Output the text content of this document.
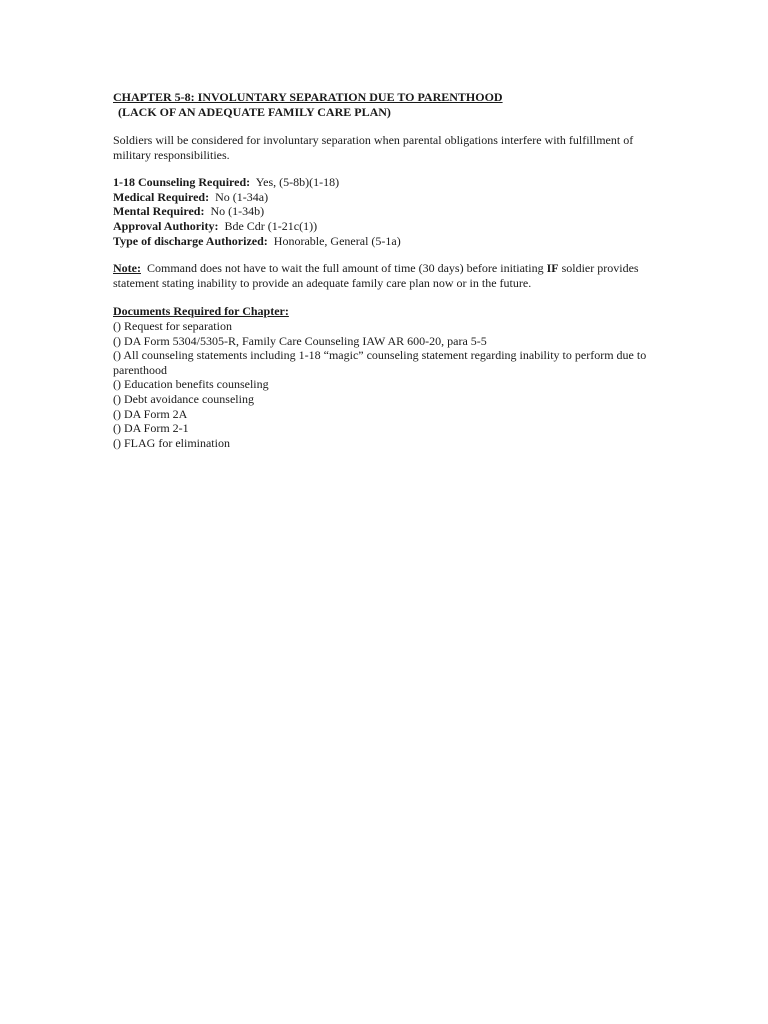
CHAPTER 5-8: INVOLUNTARY SEPARATION DUE TO PARENTHOOD
(LACK OF AN ADEQUATE FAMILY CARE PLAN)
Soldiers will be considered for involuntary separation when parental obligations interfere with fulfillment of military responsibilities.
1-18 Counseling Required: Yes, (5-8b)(1-18)
Medical Required: No (1-34a)
Mental Required: No (1-34b)
Approval Authority: Bde Cdr (1-21c(1))
Type of discharge Authorized: Honorable, General (5-1a)
Note: Command does not have to wait the full amount of time (30 days) before initiating IF soldier provides statement stating inability to provide an adequate family care plan now or in the future.
Documents Required for Chapter:
() Request for separation
() DA Form 5304/5305-R, Family Care Counseling IAW AR 600-20, para 5-5
() All counseling statements including 1-18 “magic” counseling statement regarding inability to perform due to parenthood
() Education benefits counseling
() Debt avoidance counseling
() DA Form 2A
() DA Form 2-1
() FLAG for elimination
